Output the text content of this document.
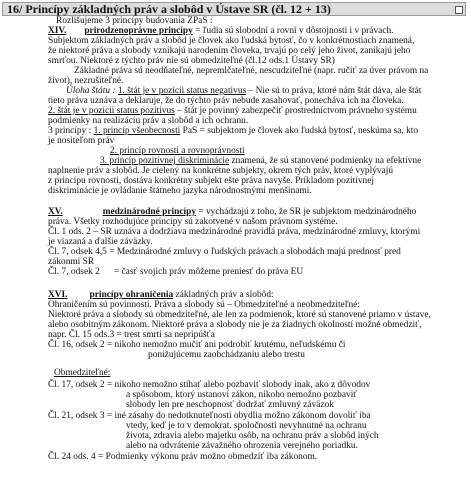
16/ Princípy základných práv a slobôd v Ústave SR (čl. 12 + 13)
Rozlišujeme 3 princípy budovania ZPaS :
XIV. prirodzenoprávne princípy = ľudia sú slobodní a rovní v dôstojnosti i v právach.
Subjektom základných práv a slobôd je človek ako ľudská bytosť, čo v konkrétnostiach znamená,
že niektoré práva a slobody vznikajú narodením človeka, trvajú po celý jeho život, zanikajú jeho
smrťou. Niektoré z týchto práv nie sú obmedziteľné (čl.12 ods.1 Ústavy SR)
Základné práva sú neodňateľné, nepremlčateľné, nescudziteľné (napr. ručiť za úver právom na
život), nezrušiteľné.
Úloha štátu : 1. štát je v pozícii status negativus – Nie sú to práva, ktoré nám štát dáva, ale štát
tieto práva uznáva a deklaruje, že do týchto práv nebude zasahovať, ponecháva ich na človeka.
2. štát je v pozícii status pozitivus – štát je povinný zabezpečiť prostredníctvom právneho systému
podmienky na realizáciu práv a slobôd a ich ochranu.
3 princípy : 1. princíp všeobecnosti PaS = subjektom je človek ako ľudská bytosť, neskúma sa, kto
je nositeľom práv
2. princíp rovnosti a rovnoprávnosti
3. princíp pozitívnej diskriminácie znamená, že sú stanovené podmienky na efektívne
naplnenie práv a slobôd. Je cielený na konkrétne subjekty, okrem tých práv, ktoré vyplývajú
z princípu rovnosti, dostáva konkrétny subjekt ešte práva navyše. Príkladom pozitívnej
diskriminácie je ovládanie štátneho jazyka národnostnými menšinami.
XV.	medzinárodné princípy = vychádzajú z toho, že SR je subjektom medzinárodného
práva. Všetky rozhodujúce princípy sú zakotvené v našom právnom systéme.
Čl. 1 ods. 2 – SR uznáva a dodržiava medzinárodné pravidlá práva, medzinárodné zmluvy, ktorými
je viazaná a ďalšie záväzky.
Čl. 7, odsek 4,5 = Medzinárodné zmluvy o ľudských právach a slobodách majú prednosť pred
zákonmi SR
Čl. 7, odsek 2      = časť svojich práv môžeme preniesť do práva EU
XVI. princípy ohraničenia základných práv a slobôd:
Ohraničením sú povinnosti. Práva a slobody sú – Obmedziteľné a neobmedziteľné:
Niektoré práva a slobody sú obmedziteľné, ale len za podmienok, ktoré sú stanovené priamo v ústave,
alebo osobitným zákonom. Niektoré práva a slobody nie je za žiadnych okolností možné obmedziť,
napr. Čl. 15 ods.3 = trest smrti sa nepripúšťa
Čl. 16, odsek 2 = nikoho nemožno mučiť ani podrobiť krutému, neľudskému či
ponižujúcemu zaobchádzaniu alebo trestu
Obmedziteľné:
Čl. 17, odsek 2 = nikoho nemožno stíhať alebo pozbaviť slobody inak, ako z dôvodov
a spôsobom, ktorý ustanoví zákon, nikoho nemožno pozbaviť
slobody len pre neschopnosť dodržať zmluvný záväzok
Čl. 21, odsek 3 = iné zásahy do nedotknuteľnosti obydlia možno zákonom dovoliť iba
vtedy, keď je to v demokrat. spoločnosti nevyhnutné na ochranu
života, zdravia alebo majetku osôb, na ochranu práv a slobôd iných
alebo na odvrátenie závažného ohrozenia verejného poriadku.
Čl. 24 ods. 4 = Podmienky výkonu práv možno obmedziť iba zákonom.
